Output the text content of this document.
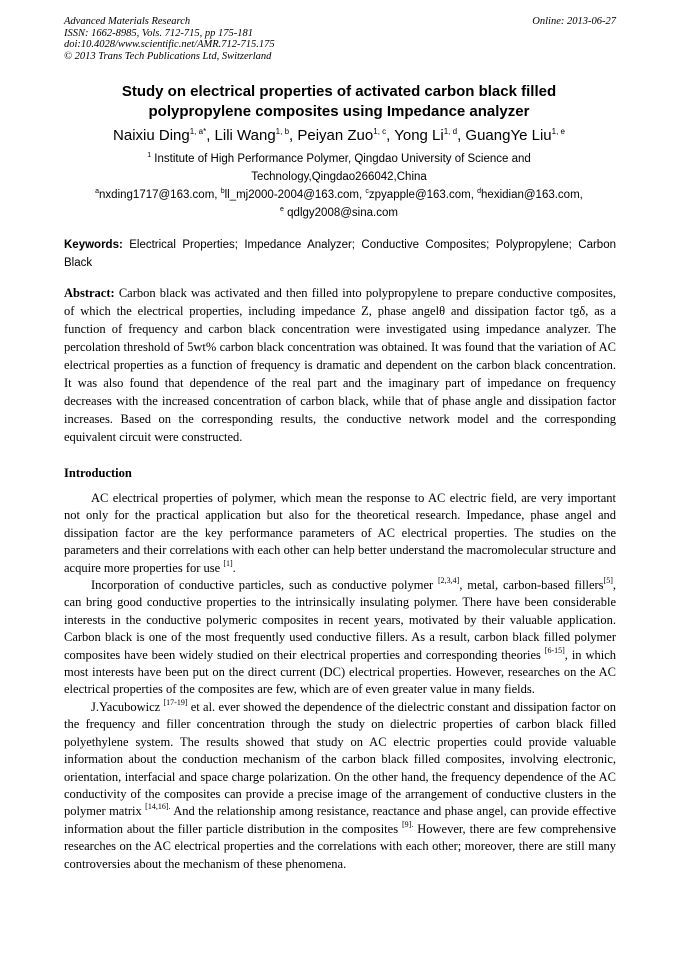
Advanced Materials Research
ISSN: 1662-8985, Vols. 712-715, pp 175-181
doi:10.4028/www.scientific.net/AMR.712-715.175
© 2013 Trans Tech Publications Ltd, Switzerland
Online: 2013-06-27
Study on electrical properties of activated carbon black filled
polypropylene composites using Impedance analyzer
Naixiu Ding$^{1, a*}$, Lili Wang$^{1, b}$, Peiyan Zuo$^{1, c}$, Yong Li$^{1, d}$, GuangYe Liu$^{1, e}$
$^1$ Institute of High Performance Polymer, Qingdao University of Science and
Technology,Qingdao266042,China
$^a$nxding1717@163.com, $^b$ll_mj2000-2004@163.com, $^c$zpyapple@163.com, $^d$hexidian@163.com,
$^e$ qdlgy2008@sina.com
Keywords: Electrical Properties; Impedance Analyzer; Conductive Composites; Polypropylene; Carbon Black

Abstract: Carbon black was activated and then filled into polypropylene to prepare conductive composites, of which the electrical properties, including impedance Z, phase angelθ and dissipation factor tgδ, as a function of frequency and carbon black concentration were investigated using impedance analyzer. The percolation threshold of 5wt% carbon black concentration was obtained. It was found that the variation of AC electrical properties as a function of frequency is dramatic and dependent on the carbon black concentration. It was also found that dependence of the real part and the imaginary part of impedance on frequency decreases with the increased concentration of carbon black, while that of phase angle and dissipation factor increases. Based on the corresponding results, the conductive network model and the corresponding equivalent circuit were constructed.

Introduction

AC electrical properties of polymer, which mean the response to AC electric field, are very important not only for the practical application but also for the theoretical research. Impedance, phase angel and dissipation factor are the key performance parameters of AC electrical properties. The studies on the parameters and their correlations with each other can help better understand the macromolecular structure and acquire more properties for use [1].

Incorporation of conductive particles, such as conductive polymer [2,3,4], metal, carbon-based fillers[5], can bring good conductive properties to the intrinsically insulating polymer. There have been considerable interests in the conductive polymeric composites in recent years, motivated by their valuable application. Carbon black is one of the most frequently used conductive fillers. As a result, carbon black filled polymer composites have been widely studied on their electrical properties and corresponding theories [6-15], in which most interests have been put on the direct current (DC) electrical properties. However, researches on the AC electrical properties of the composites are few, which are of even greater value in many fields.

J.Yacubowicz [17-19] et al. ever showed the dependence of the dielectric constant and dissipation factor on the frequency and filler concentration through the study on dielectric properties of carbon black filled polyethylene system. The results showed that study on AC electric properties could provide valuable information about the conduction mechanism of the carbon black filled composites, involving electronic, orientation, interfacial and space charge polarization. On the other hand, the frequency dependence of the AC conductivity of the composites can provide a precise image of the arrangement of conductive clusters in the polymer matrix $^{[14,16].}$ And the relationship among resistance, reactance and phase angel, can provide effective information about the filler particle distribution in the composites $^{[9].}$ However, there are few comprehensive researches on the AC electrical properties and the correlations with each other; moreover, there are still many controversies about the mechanism of these phenomena.
